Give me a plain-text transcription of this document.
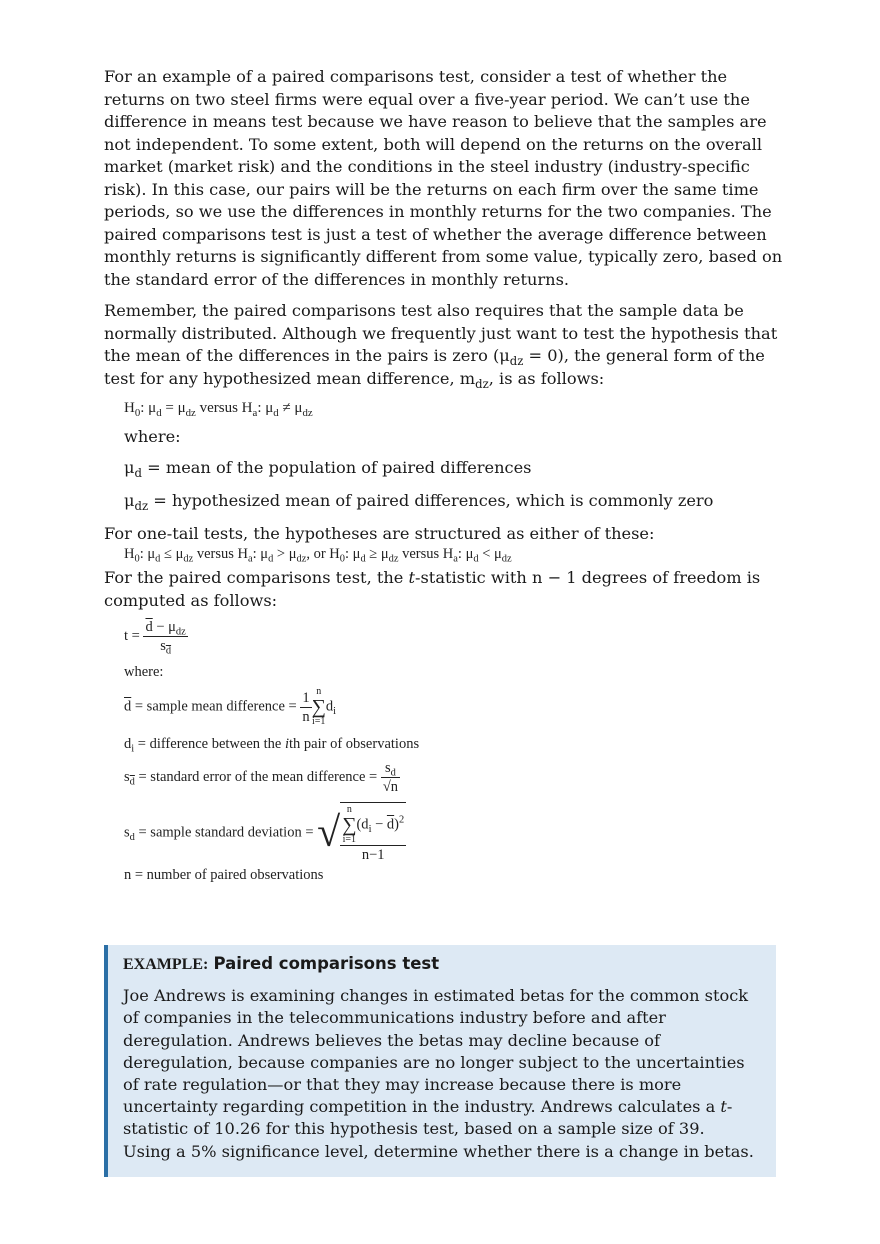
For an example of a paired comparisons test, consider a test of whether the returns on two steel firms were equal over a five-year period. We can’t use the difference in means test because we have reason to believe that the samples are not independent. To some extent, both will depend on the returns on the overall market (market risk) and the conditions in the steel industry (industry-specific risk). In this case, our pairs will be the returns on each firm over the same time periods, so we use the differences in monthly returns for the two companies. The paired comparisons test is just a test of whether the average difference between monthly returns is significantly different from some value, typically zero, based on the standard error of the differences in monthly returns.

Remember, the paired comparisons test also requires that the sample data be normally distributed. Although we frequently just want to test the hypothesis that the mean of the differences in the pairs is zero $(\mu_{dz} = 0)$, the general form of the test for any hypothesized mean difference, $m_{dz}$, is as follows:

$H_0$: $\mu_d = \mu_{dz}$ versus $H_a$: $\mu_d \ne \mu_{dz}$

where:

$\mu_d$ = mean of the population of paired differences

$\mu_{dz}$ = hypothesized mean of paired differences, which is commonly zero

For one-tail tests, the hypotheses are structured as either of these:

$H_0$: $\mu_d \le \mu_{dz}$ versus $H_a$: $\mu_d > \mu_{dz}$, or $H_0$: $\mu_d \ge \mu_{dz}$ versus $H_a$: $\mu_d < \mu_{dz}$

For the paired comparisons test, the t-statistic with n − 1 degrees of freedom is computed as follows:

$t = \frac{\overline{d} - \mu_{dz}}{s_{\overline{d}}}$
where:
$\overline{d}$ = sample mean difference = $\frac{1}{n}$ n
∑
i=1
$d_i$
$d_i$ = difference between the ith pair of observations
$s_{\overline{d}}$ = standard error of the mean difference = $\frac{s_d}{√n}$
$s_d$ = sample standard deviation = √ n
∑
i=1
$(d_i - \overline{d})^2$
n−1
n = number of paired observations
EXAMPLE: Paired comparisons test

Joe Andrews is examining changes in estimated betas for the common stock of companies in the telecommunications industry before and after deregulation. Andrews believes the betas may decline because of deregulation, because companies are no longer subject to the uncertainties of rate regulation—or that they may increase because there is more uncertainty regarding competition in the industry. Andrews calculates a t-statistic of 10.26 for this hypothesis test, based on a sample size of 39. Using a 5% significance level, determine whether there is a change in betas.
